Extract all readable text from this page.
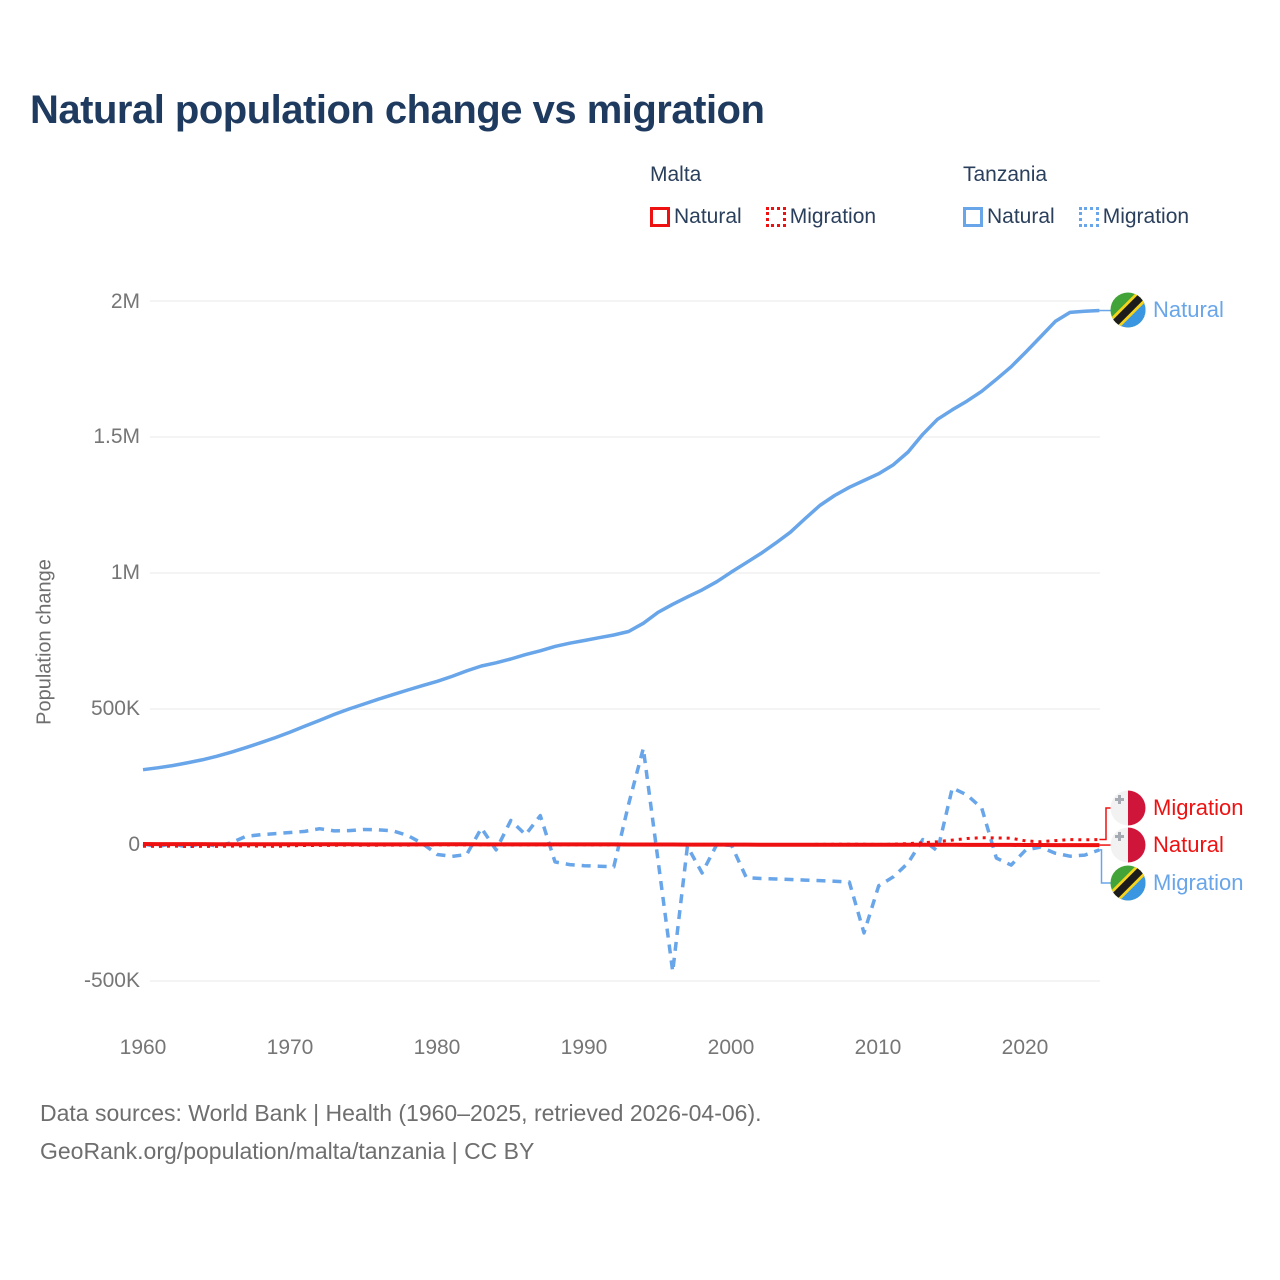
Natural population change vs migration
Malta
Natural Migration
Tanzania
Natural Migration
Population change
2M
1.5M
1M
500K
0
-500K
1960	1970	1980	1990	2000	2010	2020
Natural
Migration
Natural
Migration
Data sources: World Bank | Health (1960–2025, retrieved 2026-04-06).
GeoRank.org/population/malta/tanzania | CC BY
